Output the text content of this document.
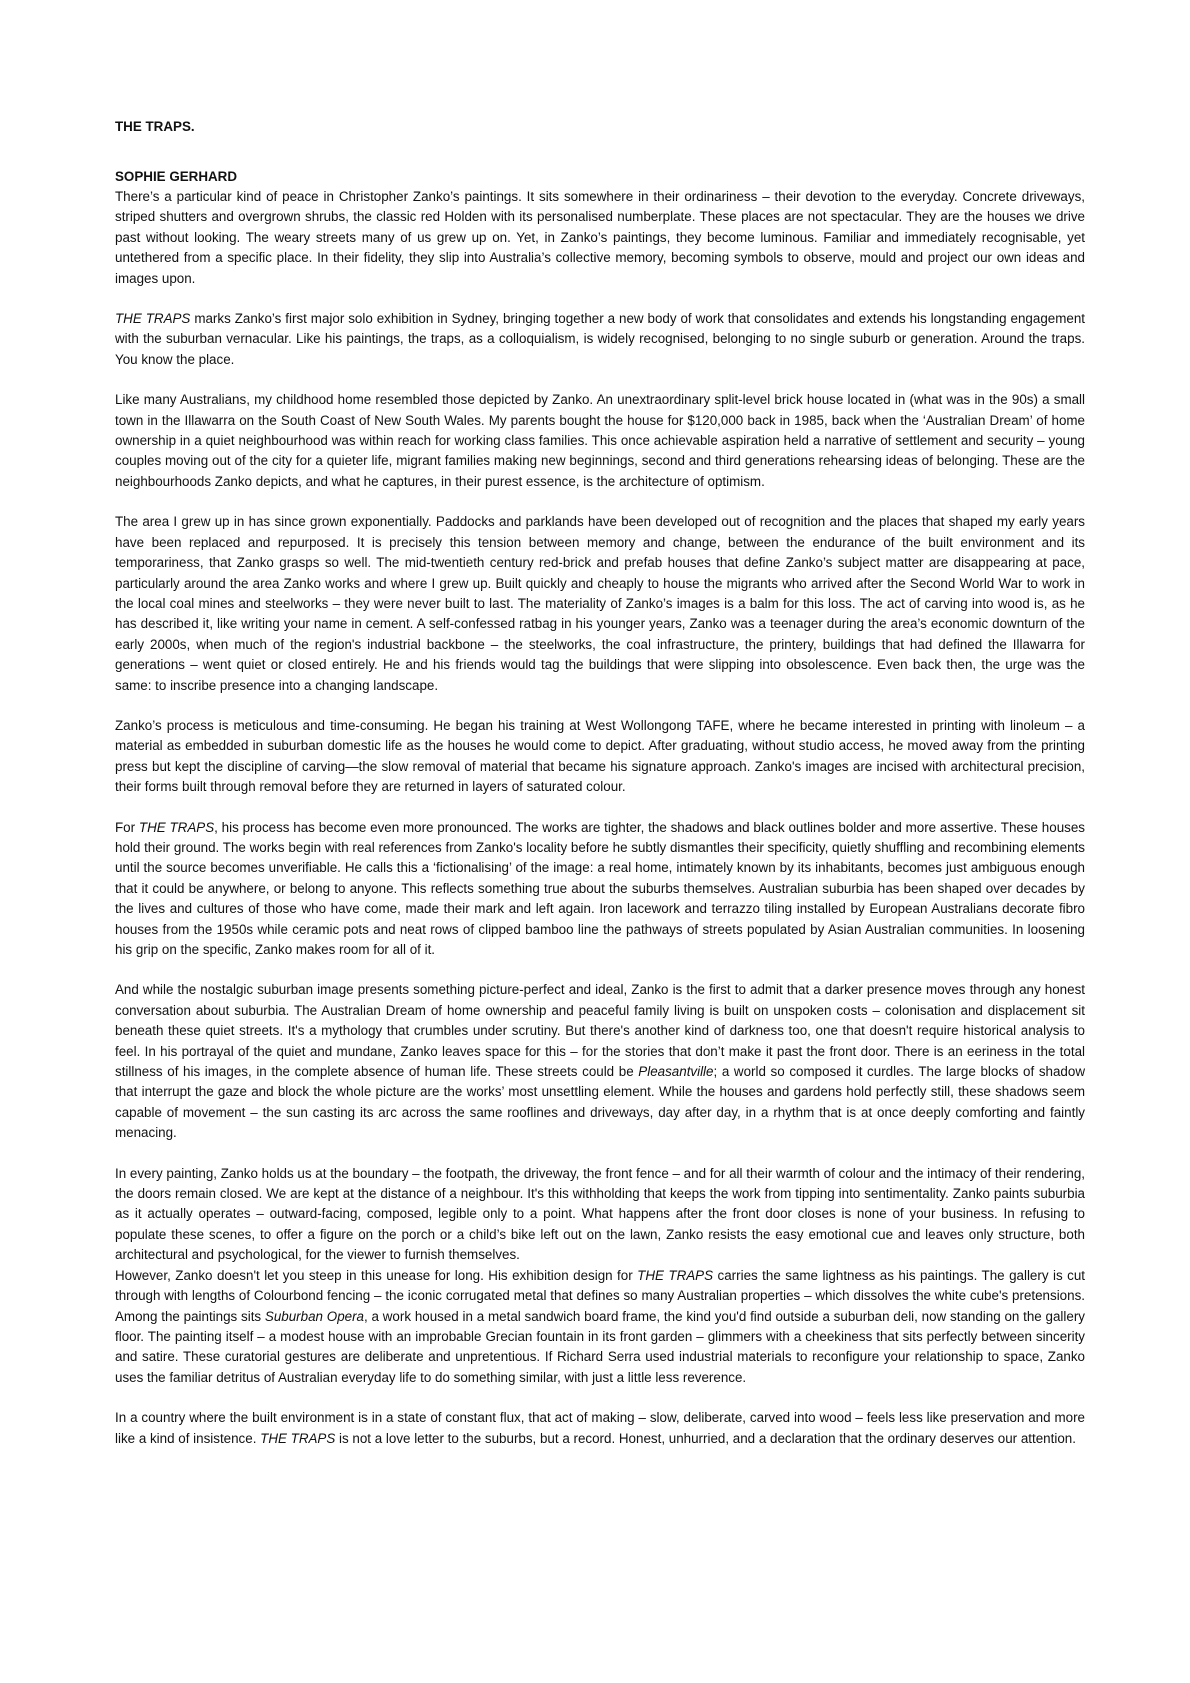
THE TRAPS.
SOPHIE GERHARD

There’s a particular kind of peace in Christopher Zanko’s paintings. It sits somewhere in their ordinariness – their devotion to the everyday. Concrete driveways, striped shutters and overgrown shrubs, the classic red Holden with its personalised numberplate. These places are not spectacular. They are the houses we drive past without looking. The weary streets many of us grew up on. Yet, in Zanko’s paintings, they become luminous. Familiar and immediately recognisable, yet untethered from a specific place. In their fidelity, they slip into Australia’s collective memory, becoming symbols to observe, mould and project our own ideas and images upon.

THE TRAPS marks Zanko’s first major solo exhibition in Sydney, bringing together a new body of work that consolidates and extends his longstanding engagement with the suburban vernacular. Like his paintings, the traps, as a colloquialism, is widely recognised, belonging to no single suburb or generation. Around the traps. You know the place.

Like many Australians, my childhood home resembled those depicted by Zanko. An unextraordinary split-level brick house located in (what was in the 90s) a small town in the Illawarra on the South Coast of New South Wales. My parents bought the house for $120,000 back in 1985, back when the ‘Australian Dream’ of home ownership in a quiet neighbourhood was within reach for working class families. This once achievable aspiration held a narrative of settlement and security – young couples moving out of the city for a quieter life, migrant families making new beginnings, second and third generations rehearsing ideas of belonging. These are the neighbourhoods Zanko depicts, and what he captures, in their purest essence, is the architecture of optimism.

The area I grew up in has since grown exponentially. Paddocks and parklands have been developed out of recognition and the places that shaped my early years have been replaced and repurposed. It is precisely this tension between memory and change, between the endurance of the built environment and its temporariness, that Zanko grasps so well. The mid-twentieth century red-brick and prefab houses that define Zanko’s subject matter are disappearing at pace, particularly around the area Zanko works and where I grew up. Built quickly and cheaply to house the migrants who arrived after the Second World War to work in the local coal mines and steelworks – they were never built to last. The materiality of Zanko’s images is a balm for this loss. The act of carving into wood is, as he has described it, like writing your name in cement. A self-confessed ratbag in his younger years, Zanko was a teenager during the area’s economic downturn of the early 2000s, when much of the region's industrial backbone – the steelworks, the coal infrastructure, the printery, buildings that had defined the Illawarra for generations – went quiet or closed entirely. He and his friends would tag the buildings that were slipping into obsolescence. Even back then, the urge was the same: to inscribe presence into a changing landscape.

Zanko’s process is meticulous and time-consuming. He began his training at West Wollongong TAFE, where he became interested in printing with linoleum – a material as embedded in suburban domestic life as the houses he would come to depict. After graduating, without studio access, he moved away from the printing press but kept the discipline of carving—the slow removal of material that became his signature approach. Zanko's images are incised with architectural precision, their forms built through removal before they are returned in layers of saturated colour.

For THE TRAPS, his process has become even more pronounced. The works are tighter, the shadows and black outlines bolder and more assertive. These houses hold their ground. The works begin with real references from Zanko's locality before he subtly dismantles their specificity, quietly shuffling and recombining elements until the source becomes unverifiable. He calls this a ‘fictionalising’ of the image: a real home, intimately known by its inhabitants, becomes just ambiguous enough that it could be anywhere, or belong to anyone. This reflects something true about the suburbs themselves. Australian suburbia has been shaped over decades by the lives and cultures of those who have come, made their mark and left again. Iron lacework and terrazzo tiling installed by European Australians decorate fibro houses from the 1950s while ceramic pots and neat rows of clipped bamboo line the pathways of streets populated by Asian Australian communities. In loosening his grip on the specific, Zanko makes room for all of it.

And while the nostalgic suburban image presents something picture-perfect and ideal, Zanko is the first to admit that a darker presence moves through any honest conversation about suburbia. The Australian Dream of home ownership and peaceful family living is built on unspoken costs – colonisation and displacement sit beneath these quiet streets. It's a mythology that crumbles under scrutiny. But there's another kind of darkness too, one that doesn't require historical analysis to feel. In his portrayal of the quiet and mundane, Zanko leaves space for this – for the stories that don’t make it past the front door. There is an eeriness in the total stillness of his images, in the complete absence of human life. These streets could be Pleasantville; a world so composed it curdles. The large blocks of shadow that interrupt the gaze and block the whole picture are the works’ most unsettling element. While the houses and gardens hold perfectly still, these shadows seem capable of movement – the sun casting its arc across the same rooflines and driveways, day after day, in a rhythm that is at once deeply comforting and faintly menacing.

In every painting, Zanko holds us at the boundary – the footpath, the driveway, the front fence – and for all their warmth of colour and the intimacy of their rendering, the doors remain closed. We are kept at the distance of a neighbour. It's this withholding that keeps the work from tipping into sentimentality. Zanko paints suburbia as it actually operates – outward-facing, composed, legible only to a point. What happens after the front door closes is none of your business. In refusing to populate these scenes, to offer a figure on the porch or a child’s bike left out on the lawn, Zanko resists the easy emotional cue and leaves only structure, both architectural and psychological, for the viewer to furnish themselves.

However, Zanko doesn't let you steep in this unease for long. His exhibition design for THE TRAPS carries the same lightness as his paintings. The gallery is cut through with lengths of Colourbond fencing – the iconic corrugated metal that defines so many Australian properties – which dissolves the white cube's pretensions. Among the paintings sits Suburban Opera, a work housed in a metal sandwich board frame, the kind you'd find outside a suburban deli, now standing on the gallery floor. The painting itself – a modest house with an improbable Grecian fountain in its front garden – glimmers with a cheekiness that sits perfectly between sincerity and satire. These curatorial gestures are deliberate and unpretentious. If Richard Serra used industrial materials to reconfigure your relationship to space, Zanko uses the familiar detritus of Australian everyday life to do something similar, with just a little less reverence.

In a country where the built environment is in a state of constant flux, that act of making – slow, deliberate, carved into wood – feels less like preservation and more like a kind of insistence. THE TRAPS is not a love letter to the suburbs, but a record. Honest, unhurried, and a declaration that the ordinary deserves our attention.
